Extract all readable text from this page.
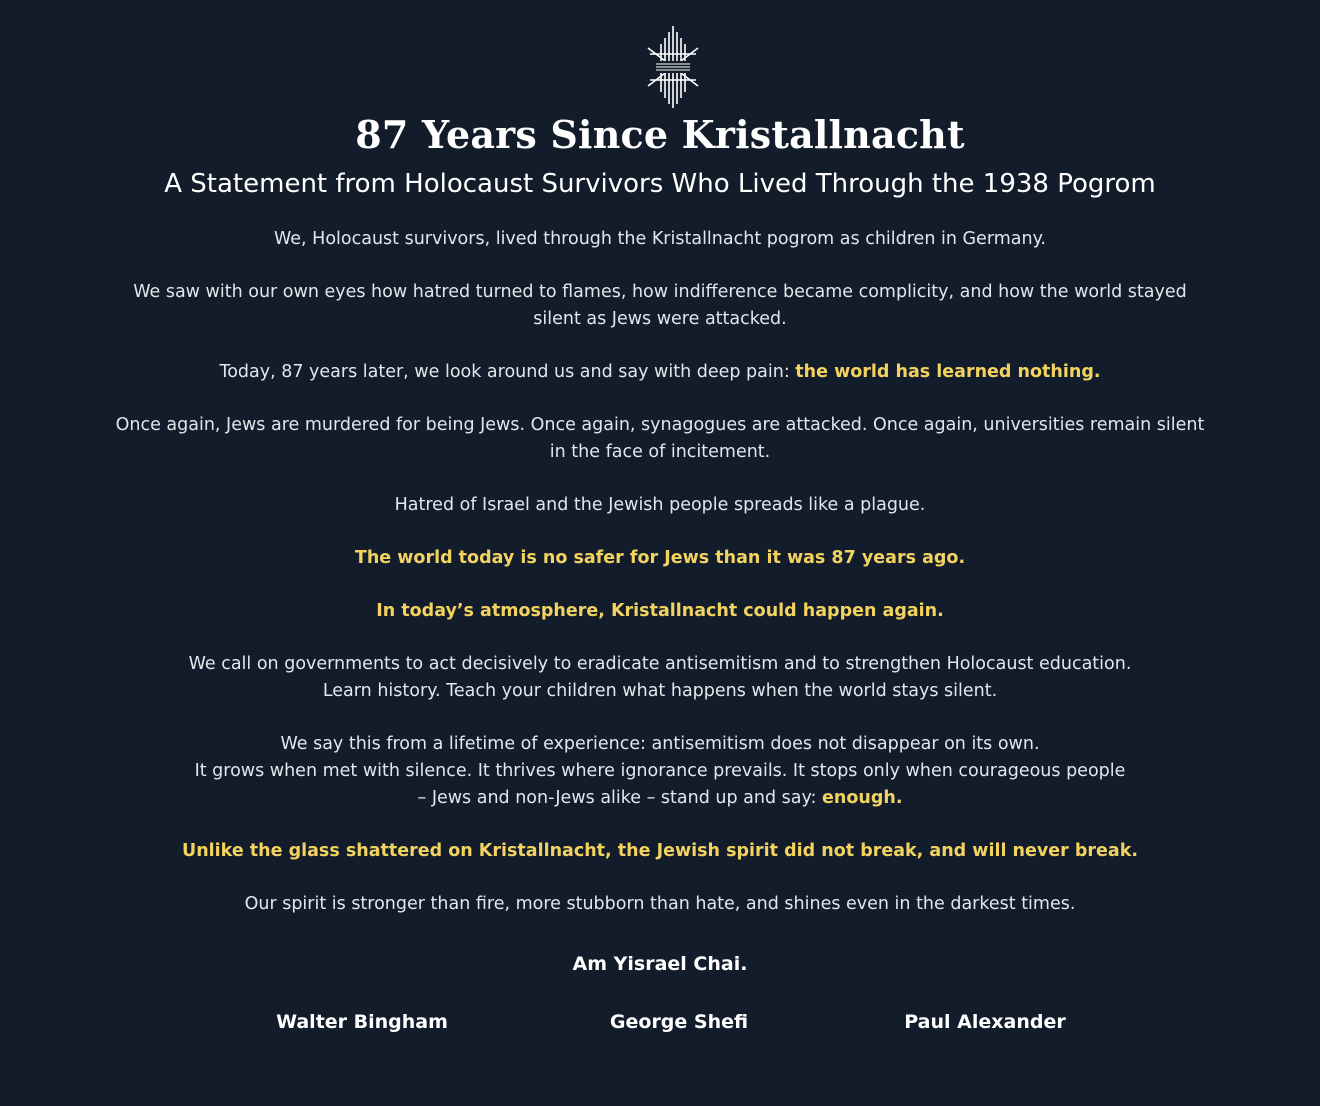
87 Years Since Kristallnacht
A Statement from Holocaust Survivors Who Lived Through the 1938 Pogrom

We, Holocaust survivors, lived through the Kristallnacht pogrom as children in Germany.

We saw with our own eyes how hatred turned to flames, how indifference became complicity, and how the world stayed silent as Jews were attacked.

Today, 87 years later, we look around us and say with deep pain: the world has learned nothing.

Once again, Jews are murdered for being Jews. Once again, synagogues are attacked. Once again, universities remain silent in the face of incitement.

Hatred of Israel and the Jewish people spreads like a plague.

The world today is no safer for Jews than it was 87 years ago.

In today’s atmosphere, Kristallnacht could happen again.

We call on governments to act decisively to eradicate antisemitism and to strengthen Holocaust education.
Learn history. Teach your children what happens when the world stays silent.

We say this from a lifetime of experience: antisemitism does not disappear on its own.
It grows when met with silence. It thrives where ignorance prevails. It stops only when courageous people
– Jews and non-Jews alike – stand up and say: enough.

Unlike the glass shattered on Kristallnacht, the Jewish spirit did not break, and will never break.

Our spirit is stronger than fire, more stubborn than hate, and shines even in the darkest times.

Am Yisrael Chai.
Walter Bingham	George Shefi	Paul Alexander
